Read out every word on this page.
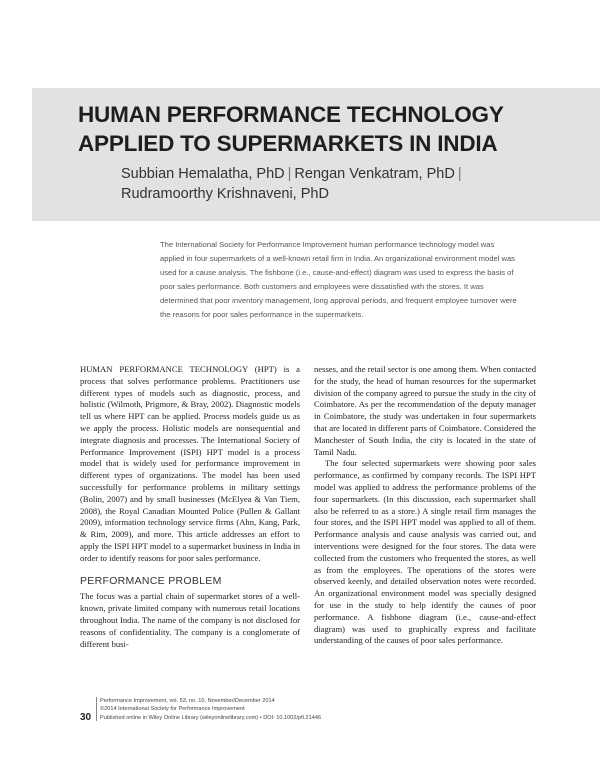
HUMAN PERFORMANCE TECHNOLOGY
APPLIED TO SUPERMARKETS IN INDIA
Subbian Hemalatha, PhD | Rengan Venkatram, PhD |
Rudramoorthy Krishnaveni, PhD

The International Society for Performance Improvement human performance technology model was applied in four supermarkets of a well-known retail firm in India. An organizational environment model was used for a cause analysis. The fishbone (i.e., cause-and-effect) diagram was used to express the basis of poor sales performance. Both customers and employees were dissatisfied with the stores. It was determined that poor inventory management, long approval periods, and frequent employee turnover were the reasons for poor sales performance in the supermarkets.

HUMAN PERFORMANCE TECHNOLOGY (HPT) is a process that solves performance problems. Practitioners use different types of models such as diagnostic, process, and holistic (Wilmoth, Prigmore, & Bray, 2002). Diagnostic models tell us where HPT can be applied. Process models guide us as we apply the process. Holistic models are nonsequential and integrate diagnosis and processes. The International Society of Performance Improvement (ISPI) HPT model is a process model that is widely used for performance improvement in different types of organizations. The model has been used successfully for performance problems in military settings (Bolin, 2007) and by small businesses (McElyea & Van Tiem, 2008), the Royal Canadian Mounted Police (Pullen & Gallant 2009), information technology service firms (Ahn, Kang, Park, & Rim, 2009), and more. This article addresses an effort to apply the ISPI HPT model to a supermarket business in India in order to identify reasons for poor sales performance.

PERFORMANCE PROBLEM

The focus was a partial chain of supermarket stores of a well-known, private limited company with numerous retail locations throughout India. The name of the company is not disclosed for reasons of confidentiality. The company is a conglomerate of different busi-

nesses, and the retail sector is one among them. When contacted for the study, the head of human resources for the supermarket division of the company agreed to pursue the study in the city of Coimbatore. As per the recommendation of the deputy manager in Coimbatore, the study was undertaken in four supermarkets that are located in different parts of Coimbatore. Considered the Manchester of South India, the city is located in the state of Tamil Nadu.

The four selected supermarkets were showing poor sales performance, as confirmed by company records. The ISPI HPT model was applied to address the performance problems of the four supermarkets. (In this discussion, each supermarket shall also be referred to as a store.) A single retail firm manages the four stores, and the ISPI HPT model was applied to all of them. Performance analysis and cause analysis was carried out, and interventions were designed for the four stores. The data were collected from the customers who frequented the stores, as well as from the employees. The operations of the stores were observed keenly, and detailed observation notes were recorded. An organizational environment model was specially designed for use in the study to help identify the causes of poor performance. A fishbone diagram (i.e., cause-and-effect diagram) was used to graphically express and facilitate understanding of the causes of poor sales performance.

30
Performance Improvement, vol. 53, no. 10, November/December 2014
©2014 International Society for Performance Improvement
Published online in Wiley Online Library (wileyonlinelibrary.com) • DOI: 10.1002/pfi.21446
